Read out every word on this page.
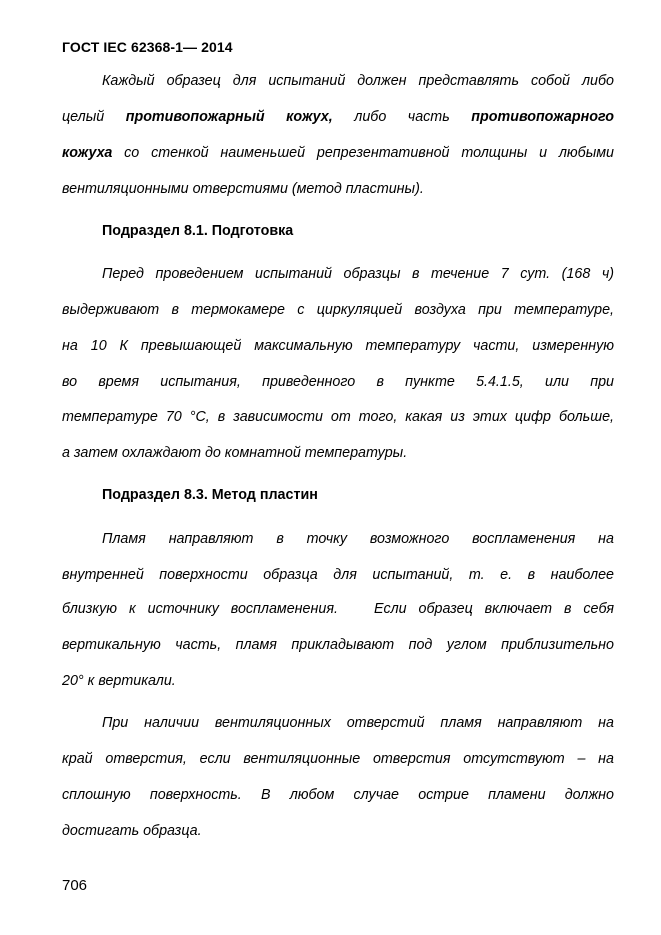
ГОСТ IEC 62368-1— 2014
Каждый образец для испытаний должен представлять собой либо
целый противопожарный кожух, либо часть противопожарного
кожуха со стенкой наименьшей репрезентативной толщины и любыми
вентиляционными отверстиями (метод пластины).
Подраздел 8.1. Подготовка
Перед проведением испытаний образцы в течение 7 сут. (168 ч)
выдерживают в термокамере с циркуляцией воздуха при температуре,
на 10 К превышающей максимальную температуру части, измеренную
во время испытания, приведенного в пункте 5.4.1.5, или при
температуре 70 °С, в зависимости от того, какая из этих цифр больше,
а затем охлаждают до комнатной температуры.
Подраздел 8.3. Метод пластин
Пламя направляют в точку возможного воспламенения на
внутренней поверхности образца для испытаний, т. е. в наиболее
близкую к источнику воспламенения.	Если образец включает в себя
вертикальную часть, пламя прикладывают под углом приблизительно
20° к вертикали.
При наличии вентиляционных отверстий пламя направляют на
край отверстия, если вентиляционные отверстия отсутствуют – на
сплошную поверхность. В любом случае острие пламени должно
достигать образца.
706
